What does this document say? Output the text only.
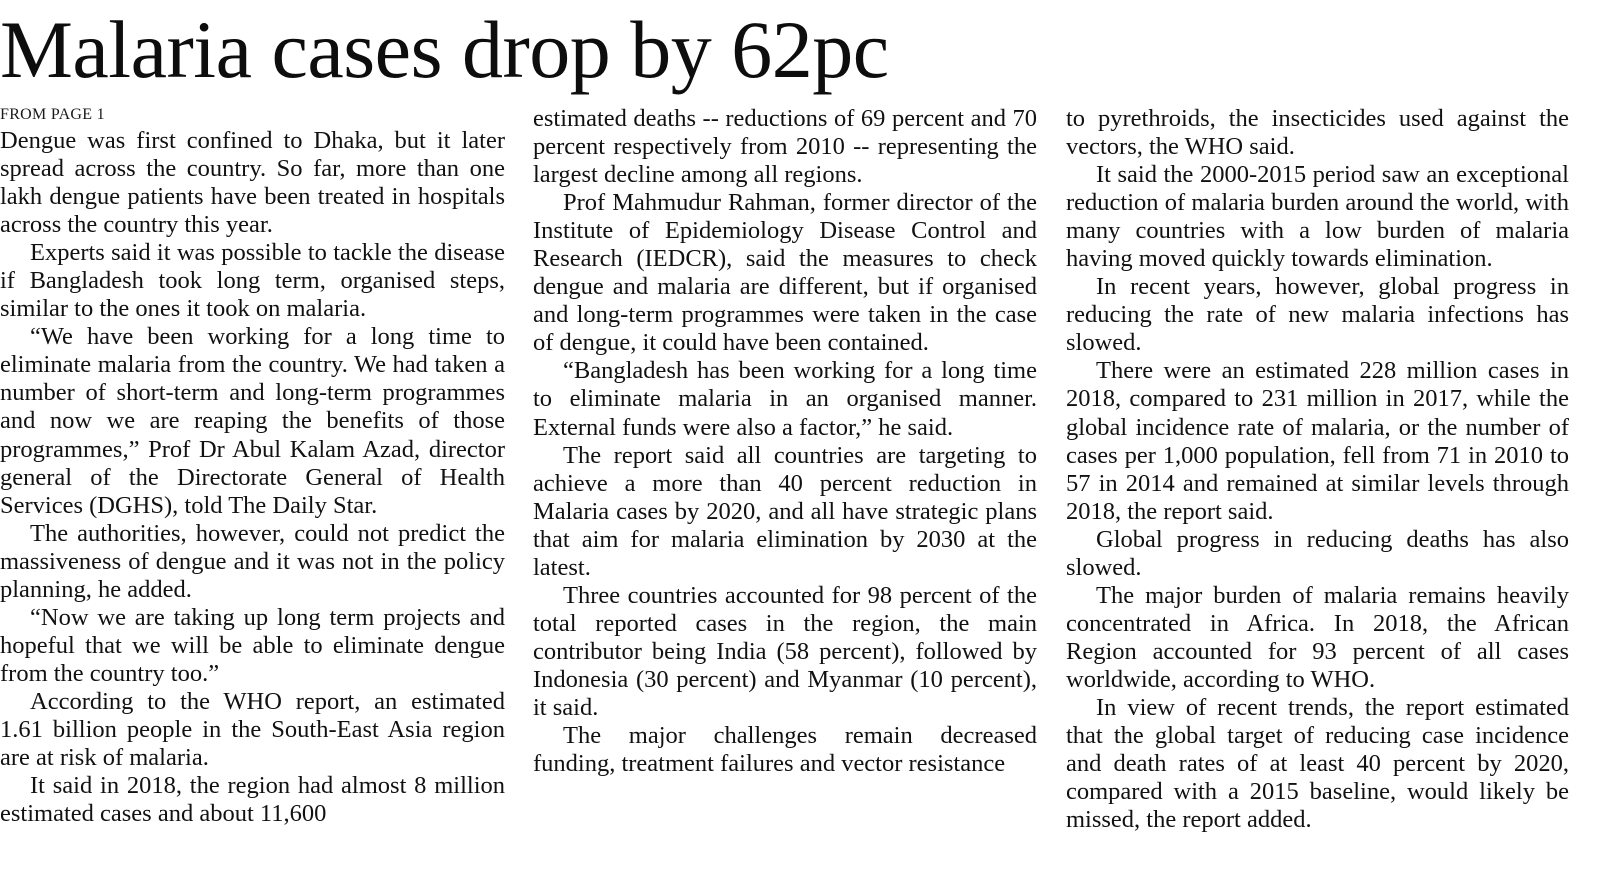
Malaria cases drop by 62pc
FROM PAGE 1

Dengue was first confined to Dhaka, but it later spread across the country. So far, more than one lakh dengue patients have been treated in hospitals across the country this year.

Experts said it was possible to tackle the disease if Bangladesh took long term, organised steps, similar to the ones it took on malaria.

“We have been working for a long time to eliminate malaria from the country. We had taken a number of short-term and long-term programmes and now we are reaping the benefits of those programmes,” Prof Dr Abul Kalam Azad, director general of the Directorate General of Health Services (DGHS), told The Daily Star.

The authorities, however, could not predict the massiveness of dengue and it was not in the policy planning, he added.

“Now we are taking up long term projects and hopeful that we will be able to eliminate dengue from the country too.”

According to the WHO report, an estimated 1.61 billion people in the South-East Asia region are at risk of malaria.

It said in 2018, the region had almost 8 million estimated cases and about 11,600

estimated deaths -- reductions of 69 percent and 70 percent respectively from 2010 -- representing the largest decline among all regions.

Prof Mahmudur Rahman, former director of the Institute of Epidemiology Disease Control and Research (IEDCR), said the measures to check dengue and malaria are different, but if organised and long-term programmes were taken in the case of dengue, it could have been contained.

“Bangladesh has been working for a long time to eliminate malaria in an organised manner. External funds were also a factor,” he said.

The report said all countries are targeting to achieve a more than 40 percent reduction in Malaria cases by 2020, and all have strategic plans that aim for malaria elimination by 2030 at the latest.

Three countries accounted for 98 percent of the total reported cases in the region, the main contributor being India (58 percent), followed by Indonesia (30 percent) and Myanmar (10 percent), it said.

The major challenges remain decreased funding, treatment failures and vector resistance

to pyrethroids, the insecticides used against the vectors, the WHO said.

It said the 2000-2015 period saw an exceptional reduction of malaria burden around the world, with many countries with a low burden of malaria having moved quickly towards elimination.

In recent years, however, global progress in reducing the rate of new malaria infections has slowed.

There were an estimated 228 million cases in 2018, compared to 231 million in 2017, while the global incidence rate of malaria, or the number of cases per 1,000 population, fell from 71 in 2010 to 57 in 2014 and remained at similar levels through 2018, the report said.

Global progress in reducing deaths has also slowed.

The major burden of malaria remains heavily concentrated in Africa. In 2018, the African Region accounted for 93 percent of all cases worldwide, according to WHO.

In view of recent trends, the report estimated that the global target of reducing case incidence and death rates of at least 40 percent by 2020, compared with a 2015 baseline, would likely be missed, the report added.
